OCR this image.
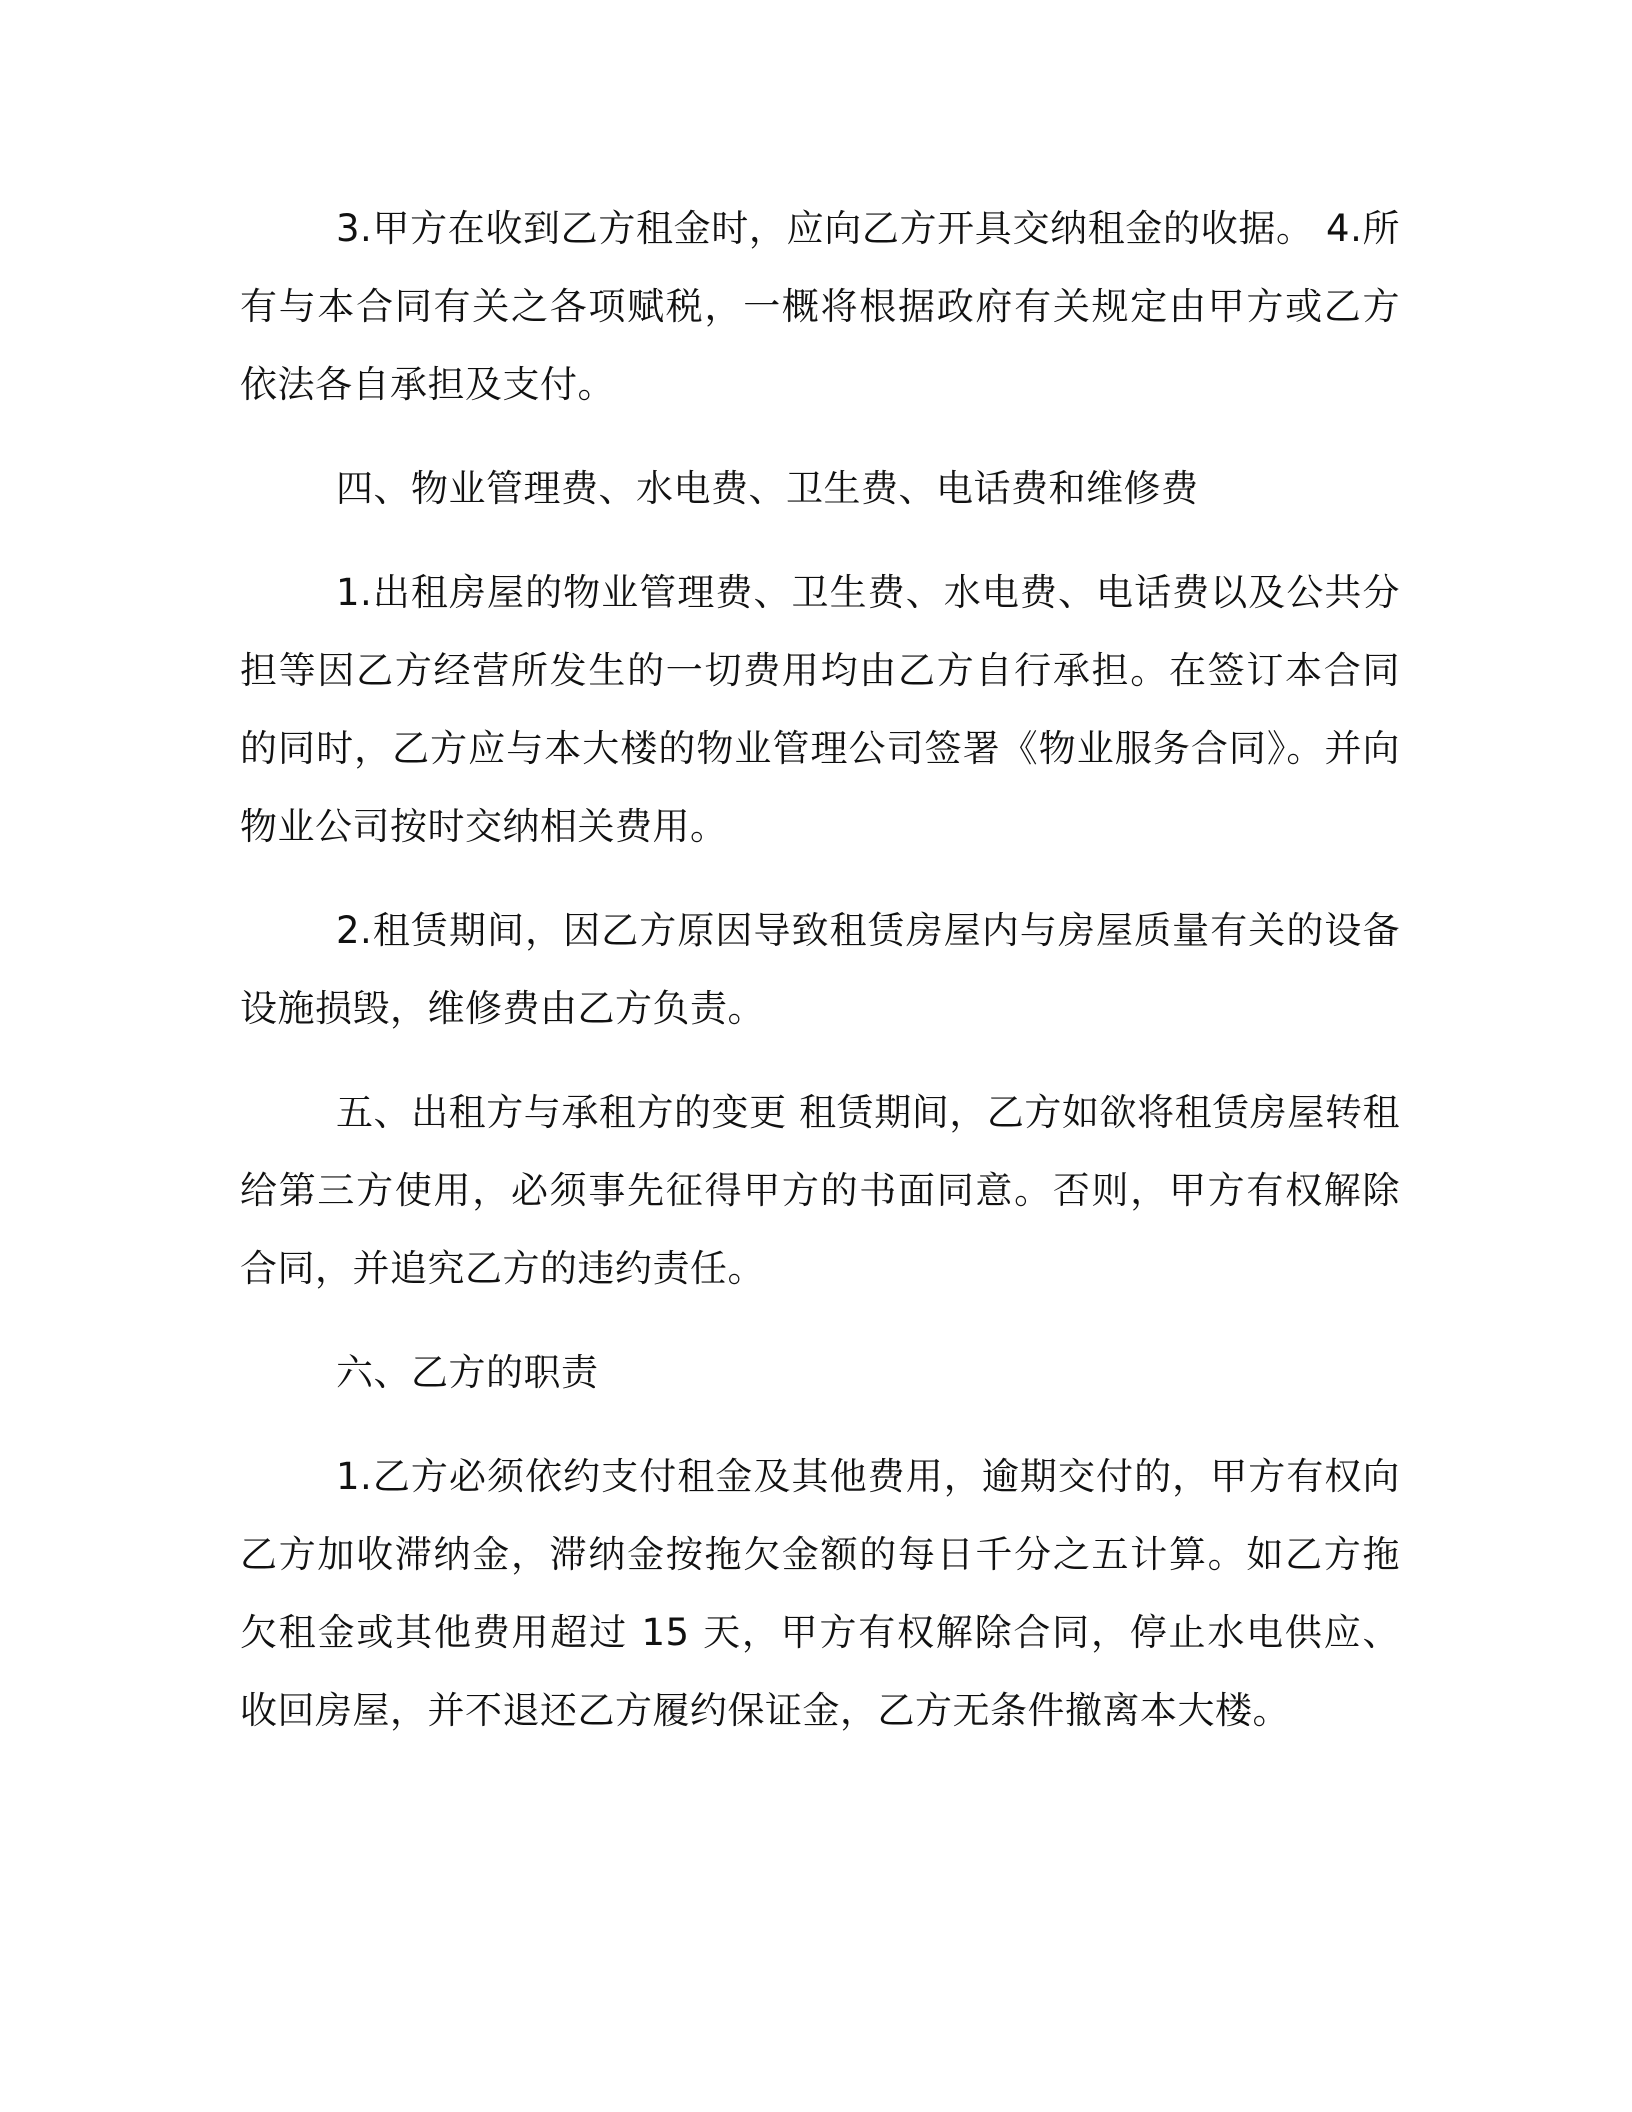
3.甲方在收到乙方租金时，应向乙方开具交纳租金的收据。 4.所有与本合同有关之各项赋税，一概将根据政府有关规定由甲方或乙方依法各自承担及支付。

四、物业管理费、水电费、卫生费、电话费和维修费

1.出租房屋的物业管理费、卫生费、水电费、电话费以及公共分担等因乙方经营所发生的一切费用均由乙方自行承担。在签订本合同的同时，乙方应与本大楼的物业管理公司签署《物业服务合同》。并向物业公司按时交纳相关费用。

2.租赁期间，因乙方原因导致租赁房屋内与房屋质量有关的设备设施损毁，维修费由乙方负责。

五、出租方与承租方的变更 租赁期间，乙方如欲将租赁房屋转租给第三方使用，必须事先征得甲方的书面同意。否则，甲方有权解除合同，并追究乙方的违约责任。

六、乙方的职责

1.乙方必须依约支付租金及其他费用，逾期交付的，甲方有权向乙方加收滞纳金，滞纳金按拖欠金额的每日千分之五计算。如乙方拖欠租金或其他费用超过 15 天，甲方有权解除合同，停止水电供应、收回房屋，并不退还乙方履约保证金，乙方无条件撤离本大楼。
